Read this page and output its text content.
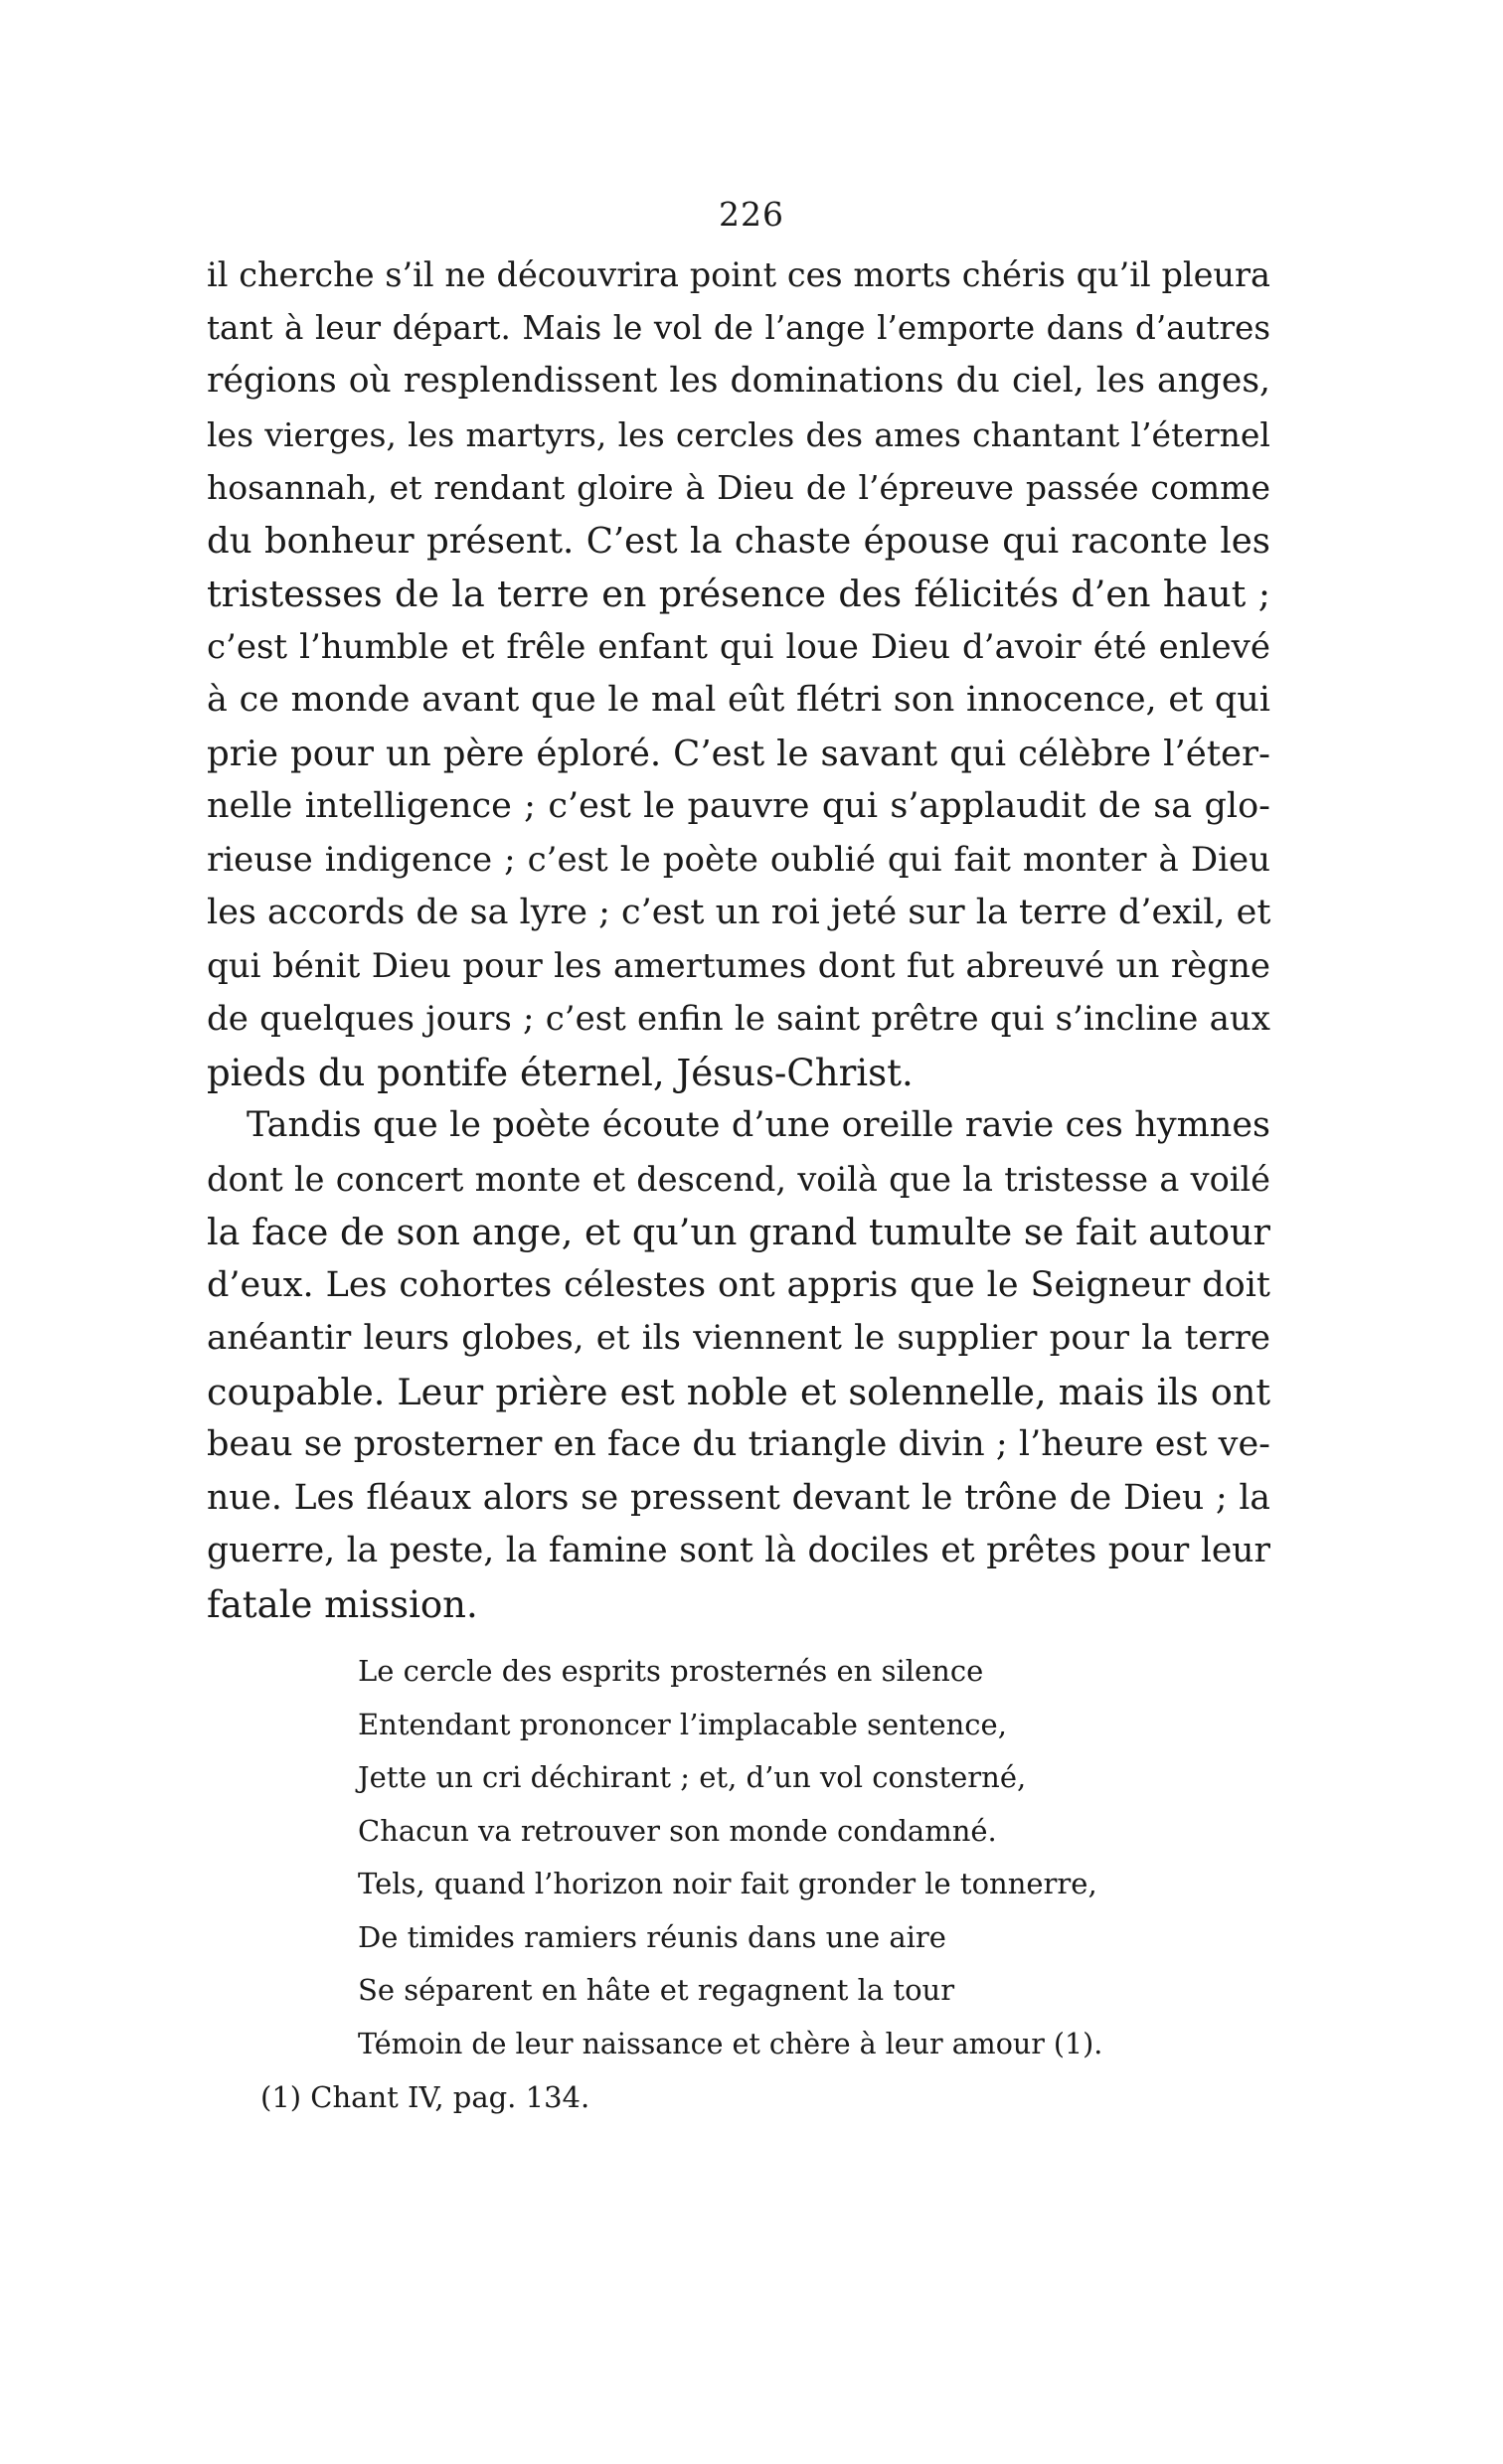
226
il cherche s’il ne découvrira point ces morts chéris qu’il pleura
tant à leur départ. Mais le vol de l’ange l’emporte dans d’autres
régions où resplendissent les dominations du ciel, les anges,
les vierges, les martyrs, les cercles des ames chantant l’éternel
hosannah, et rendant gloire à Dieu de l’épreuve passée comme
du bonheur présent. C’est la chaste épouse qui raconte les
tristesses de la terre en présence des félicités d’en haut ;
c’est l’humble et frêle enfant qui loue Dieu d’avoir été enlevé
à ce monde avant que le mal eût flétri son innocence, et qui
prie pour un père éploré. C’est le savant qui célèbre l’éter-
nelle intelligence ; c’est le pauvre qui s’applaudit de sa glo-
rieuse indigence ; c’est le poète oublié qui fait monter à Dieu
les accords de sa lyre ; c’est un roi jeté sur la terre d’exil, et
qui bénit Dieu pour les amertumes dont fut abreuvé un règne
de quelques jours ; c’est enfin le saint prêtre qui s’incline aux
pieds du pontife éternel, Jésus-Christ.
Tandis que le poète écoute d’une oreille ravie ces hymnes
dont le concert monte et descend, voilà que la tristesse a voilé
la face de son ange, et qu’un grand tumulte se fait autour
d’eux. Les cohortes célestes ont appris que le Seigneur doit
anéantir leurs globes, et ils viennent le supplier pour la terre
coupable. Leur prière est noble et solennelle, mais ils ont
beau se prosterner en face du triangle divin ; l’heure est ve-
nue. Les fléaux alors se pressent devant le trône de Dieu ; la
guerre, la peste, la famine sont là dociles et prêtes pour leur
fatale mission.
Le cercle des esprits prosternés en silence
Entendant prononcer l’implacable sentence,
Jette un cri déchirant ; et, d’un vol consterné,
Chacun va retrouver son monde condamné.
Tels, quand l’horizon noir fait gronder le tonnerre,
De timides ramiers réunis dans une aire
Se séparent en hâte et regagnent la tour
Témoin de leur naissance et chère à leur amour (1).
(1) Chant IV, pag. 134.
